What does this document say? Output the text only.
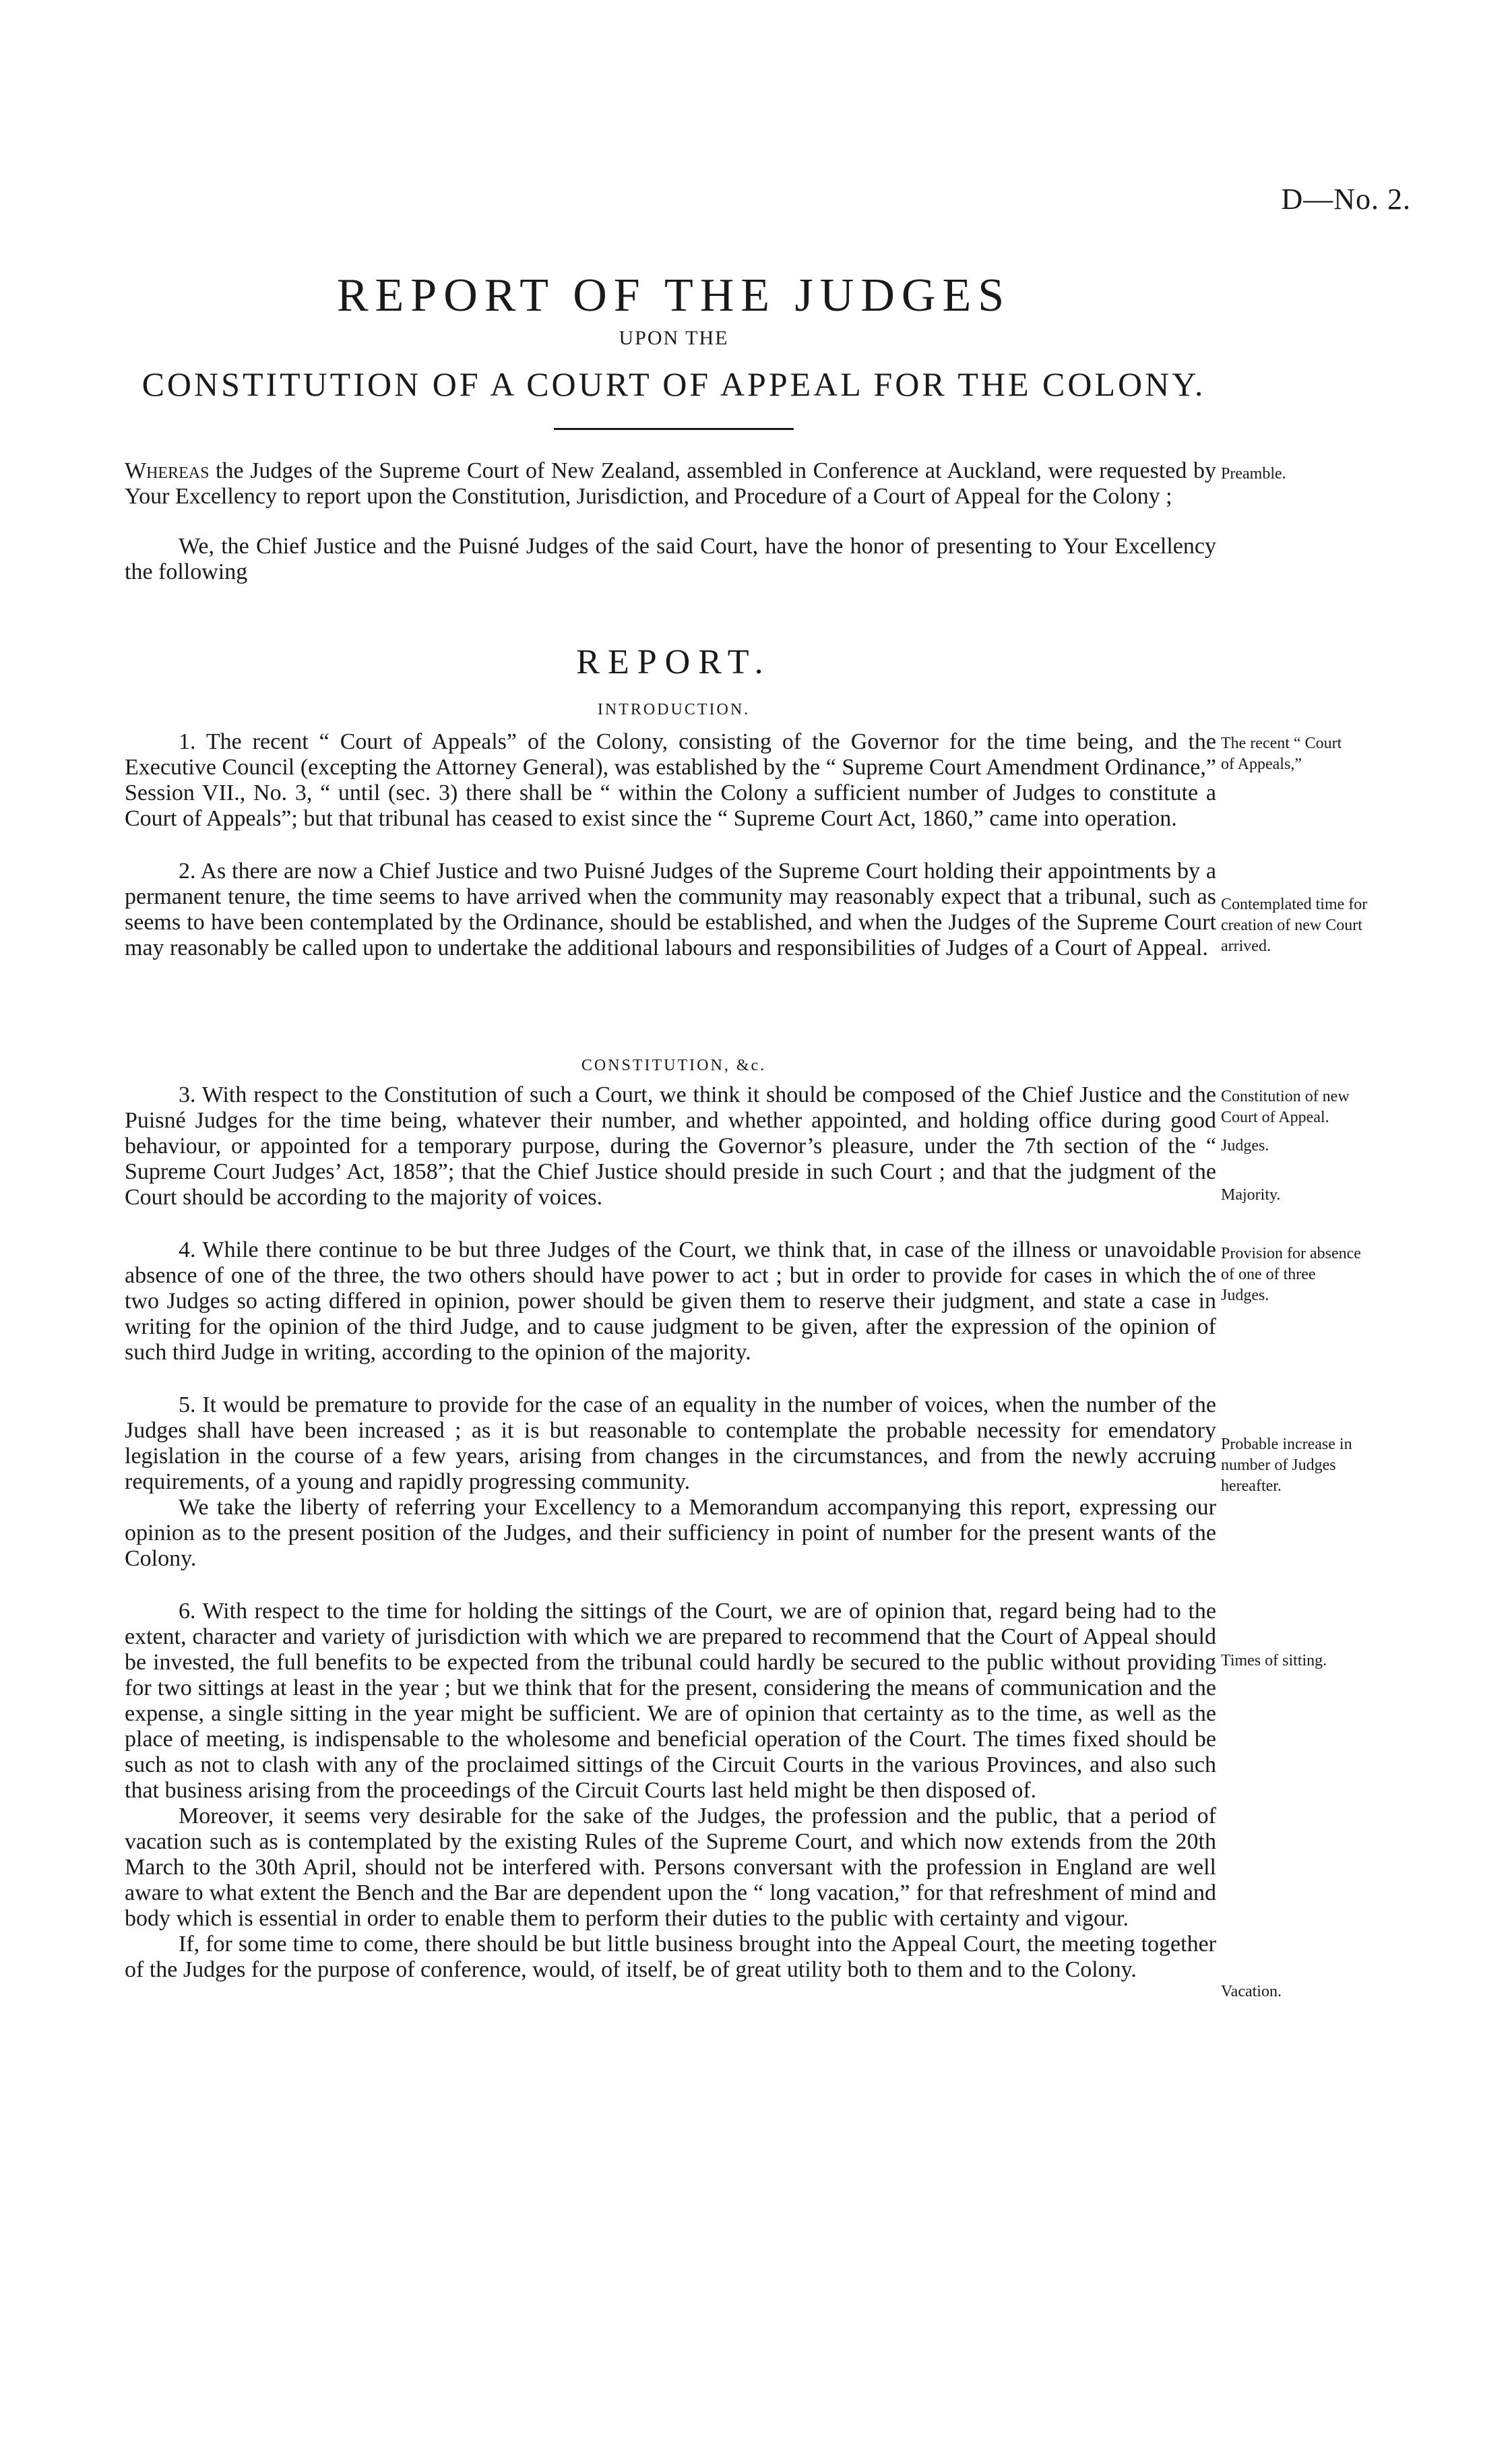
D—No. 2.
REPORT OF THE JUDGES
UPON THE
CONSTITUTION OF A COURT OF APPEAL FOR THE COLONY.

Whereas the Judges of the Supreme Court of New Zealand, assembled in Conference at Auckland, were requested by Your Excellency to report upon the Constitution, Jurisdiction, and Procedure of a Court of Appeal for the Colony ;

We, the Chief Justice and the Puisné Judges of the said Court, have the honor of presenting to Your Excellency the following

REPORT.
INTRODUCTION.

1. The recent “ Court of Appeals” of the Colony, consisting of the Governor for the time being, and the Executive Council (excepting the Attorney General), was established by the “ Supreme Court Amendment Ordinance,” Session VII., No. 3, “ until (sec. 3) there shall be “ within the Colony a sufficient number of Judges to constitute a Court of Appeals”; but that tribunal has ceased to exist since the “ Supreme Court Act, 1860,” came into operation.

2. As there are now a Chief Justice and two Puisné Judges of the Supreme Court holding their appointments by a permanent tenure, the time seems to have arrived when the community may reasonably expect that a tribunal, such as seems to have been contemplated by the Ordinance, should be established, and when the Judges of the Supreme Court may reasonably be called upon to undertake the additional labours and responsibilities of Judges of a Court of Appeal.

CONSTITUTION, &c.

3. With respect to the Constitution of such a Court, we think it should be composed of the Chief Justice and the Puisné Judges for the time being, whatever their number, and whether appointed, and holding office during good behaviour, or appointed for a temporary purpose, during the Governor’s pleasure, under the 7th section of the “ Supreme Court Judges’ Act, 1858”; that the Chief Justice should preside in such Court ; and that the judgment of the Court should be according to the majority of voices.

4. While there continue to be but three Judges of the Court, we think that, in case of the illness or unavoidable absence of one of the three, the two others should have power to act ; but in order to provide for cases in which the two Judges so acting differed in opinion, power should be given them to reserve their judgment, and state a case in writing for the opinion of the third Judge, and to cause judgment to be given, after the expression of the opinion of such third Judge in writing, according to the opinion of the majority.

5. It would be premature to provide for the case of an equality in the number of voices, when the number of the Judges shall have been increased ; as it is but reasonable to contemplate the probable necessity for emendatory legislation in the course of a few years, arising from changes in the circumstances, and from the newly accruing requirements, of a young and rapidly progressing community.

We take the liberty of referring your Excellency to a Memorandum accompanying this report, expressing our opinion as to the present position of the Judges, and their sufficiency in point of number for the present wants of the Colony.

6. With respect to the time for holding the sittings of the Court, we are of opinion that, regard being had to the extent, character and variety of jurisdiction with which we are prepared to recommend that the Court of Appeal should be invested, the full benefits to be expected from the tribunal could hardly be secured to the public without providing for two sittings at least in the year ; but we think that for the present, considering the means of communication and the expense, a single sitting in the year might be sufficient. We are of opinion that certainty as to the time, as well as the place of meeting, is indispensable to the wholesome and beneficial operation of the Court. The times fixed should be such as not to clash with any of the proclaimed sittings of the Circuit Courts in the various Provinces, and also such that business arising from the proceedings of the Circuit Courts last held might be then disposed of.

Moreover, it seems very desirable for the sake of the Judges, the profession and the public, that a period of vacation such as is contemplated by the existing Rules of the Supreme Court, and which now extends from the 20th March to the 30th April, should not be interfered with. Persons conversant with the profession in England are well aware to what extent the Bench and the Bar are dependent upon the “ long vacation,” for that refreshment of mind and body which is essential in order to enable them to perform their duties to the public with certainty and vigour.

If, for some time to come, there should be but little business brought into the Appeal Court, the meeting together of the Judges for the purpose of conference, would, of itself, be of great utility both to them and to the Colony.

Preamble.
The recent “ Court
of Appeals,”
Contemplated time for
creation of new Court
arrived.
Constitution of new
Court of Appeal.
Judges.
Majority.
Provision for absence
of one of three
Judges.
Probable increase in
number of Judges
hereafter.
Times of sitting.
Vacation.
